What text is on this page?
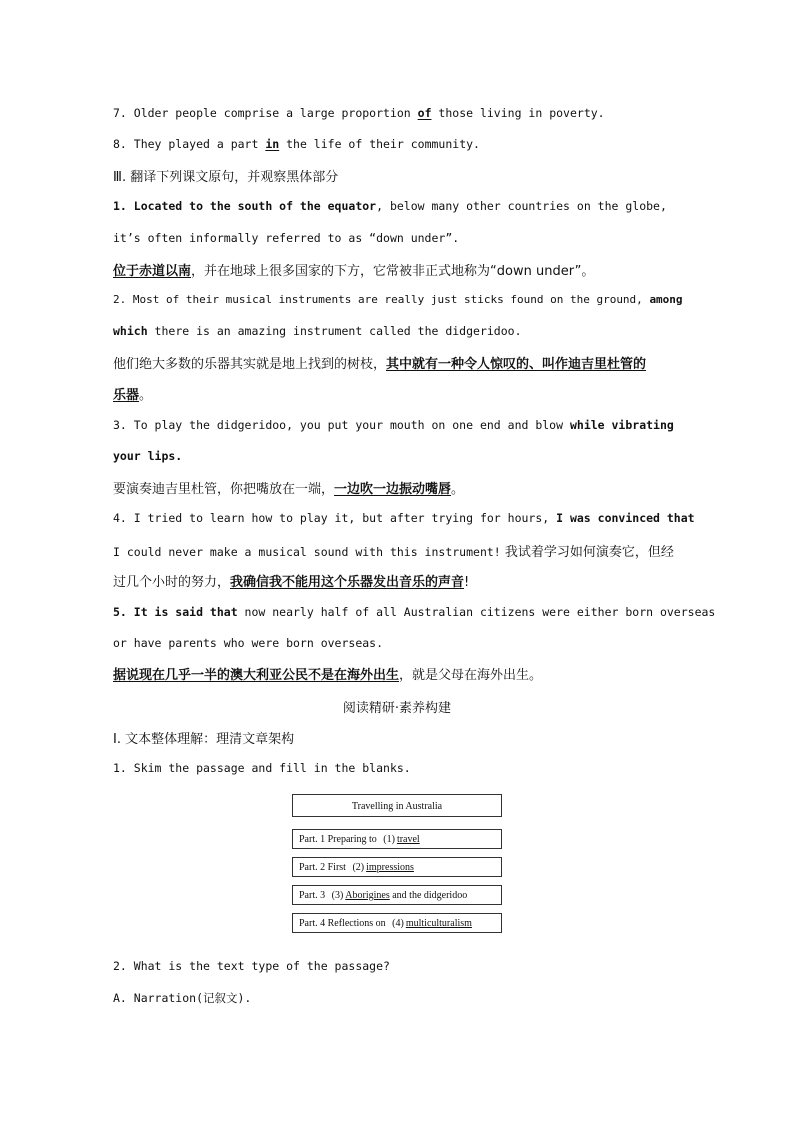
7. Older people comprise a large proportion of those living in poverty.
8. They played a part in the life of their community.
Ⅲ. 翻译下列课文原句，并观察黑体部分
1. Located to the south of the equator, below many other countries on the globe,
it’s often informally referred to as “down under”.
位于赤道以南，并在地球上很多国家的下方，它常被非正式地称为“down under”。
2. Most of their musical instruments are really just sticks found on the ground, among
which there is an amazing instrument called the didgeridoo.
他们绝大多数的乐器其实就是地上找到的树枝，其中就有一种令人惊叹的、叫作迪吉里杜管的
乐器。
3. To play the didgeridoo, you put your mouth on one end and blow while vibrating
your lips.
要演奏迪吉里杜管，你把嘴放在一端，一边吹一边振动嘴唇。
4. I tried to learn how to play it, but after trying for hours, I was convinced that
I could never make a musical sound with this instrument! 我试着学习如何演奏它，但经
过几个小时的努力，我确信我不能用这个乐器发出音乐的声音!
5. It is said that now nearly half of all Australian citizens were either born overseas
or have parents who were born overseas.
据说现在几乎一半的澳大利亚公民不是在海外出生，就是父母在海外出生。
阅读精研·素养构建
Ⅰ. 文本整体理解：理清文章架构
1. Skim the passage and fill in the blanks.
Travelling in Australia
Part. 1 Preparing to (1) travel
Part. 2 First (2) impressions
Part. 3 (3) Aborigines and the didgeridoo
Part. 4 Reflections on (4) multiculturalism
2. What is the text type of the passage?
A. Narration(记叙文).
